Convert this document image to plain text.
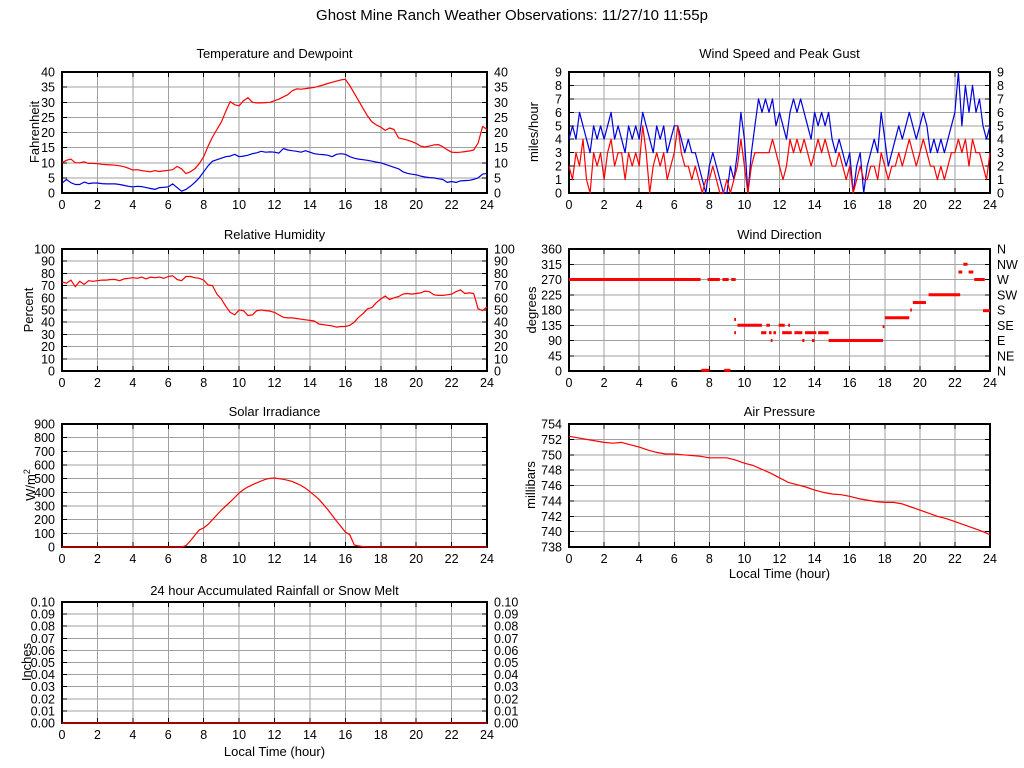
Ghost Mine Ranch Weather Observations: 11/27/10 11:55p
Temperature and Dewpoint
Fahrenheit
0 2 4 6 8 10 12 14 16 18 20 22 24
0	0
5	5
10	10
15	15
20	20
25	25
30	30
35	35
40	40
Wind Speed and Peak Gust
miles/hour
0 2 4 6 8 10 12 14 16 18 20 22 24
0	0
1	1
2	2
3	3
4	4
5	5
6	6
7	7
8	8
9	9
Relative Humidity
Percent
0 2 4 6 8 10 12 14 16 18 20 22 24
0	0
10	10
20	20
30	30
40	40
50	50
60	60
70	70
80	80
90	90
100	100
Wind Direction
degrees
0 2 4 6 8 10 12 14 16 18 20 22 24
0	N
45	NE
90	E
135	SE
180	S
225	SW
270	W
315	NW
360	N
Solar Irradiance
$W/m^2$
0 2 4 6 8 10 12 14 16 18 20 22 24
0
100
200
300
400
500
600
700
800
900
Air Pressure
millibars
Local Time (hour)
0 2 4 6 8 10 12 14 16 18 20 22 24
738
740
742
744
746
748
750
752
754
24 hour Accumulated Rainfall or Snow Melt
Inches
Local Time (hour)
0 2 4 6 8 10 12 14 16 18 20 22 24
0.00	0.00
0.01	0.01
0.02	0.02
0.03	0.03
0.04	0.04
0.05	0.05
0.06	0.06
0.07	0.07
0.08	0.08
0.09	0.09
0.10	0.10
